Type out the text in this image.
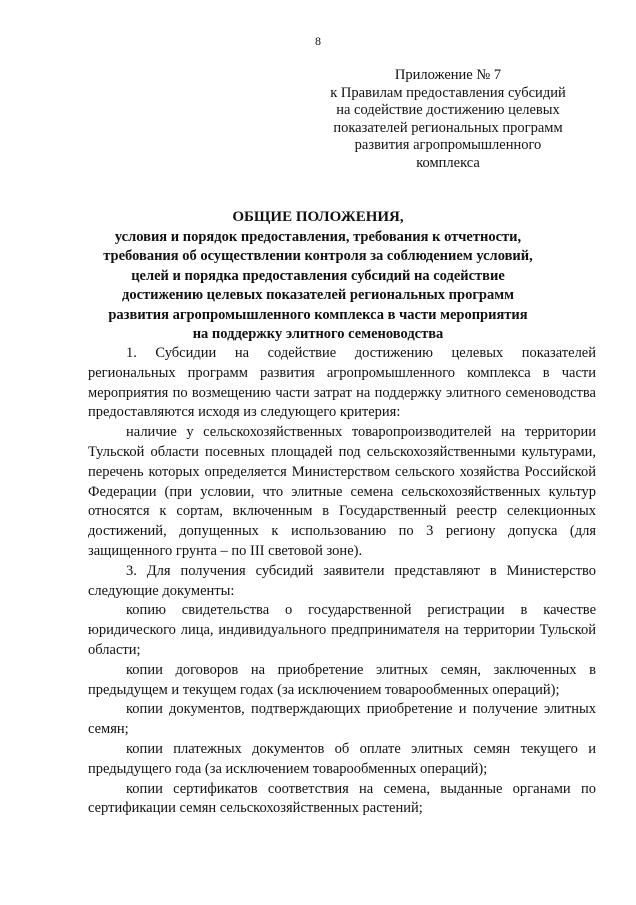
8
Приложение № 7
к Правилам предоставления субсидий
на содействие достижению целевых
показателей региональных программ
развития агропромышленного
комплекса
ОБЩИЕ ПОЛОЖЕНИЯ,
условия и порядок предоставления, требования к отчетности,
требования об осуществлении контроля за соблюдением условий,
целей и порядка предоставления субсидий на содействие
достижению целевых показателей региональных программ
развития агропромышленного комплекса в части мероприятия
на поддержку элитного семеноводства

1. Субсидии на содействие достижению целевых показателей региональных программ развития агропромышленного комплекса в части мероприятия по возмещению части затрат на поддержку элитного семеноводства предоставляются исходя из следующего критерия:

наличие у сельскохозяйственных товаропроизводителей на территории Тульской области посевных площадей под сельскохозяйственными культурами, перечень которых определяется Министерством сельского хозяйства Российской Федерации (при условии, что элитные семена сельскохозяйственных культур относятся к сортам, включенным в Государственный реестр селекционных достижений, допущенных к использованию по 3 региону допуска (для защищенного грунта – по III световой зоне).

3. Для получения субсидий заявители представляют в Министерство следующие документы:

копию свидетельства о государственной регистрации в качестве юридического лица, индивидуального предпринимателя на территории Тульской области;

копии договоров на приобретение элитных семян, заключенных в предыдущем и текущем годах (за исключением товарообменных операций);

копии документов, подтверждающих приобретение и получение элитных семян;

копии платежных документов об оплате элитных семян текущего и предыдущего года (за исключением товарообменных операций);

копии сертификатов соответствия на семена, выданные органами по сертификации семян сельскохозяйственных растений;
